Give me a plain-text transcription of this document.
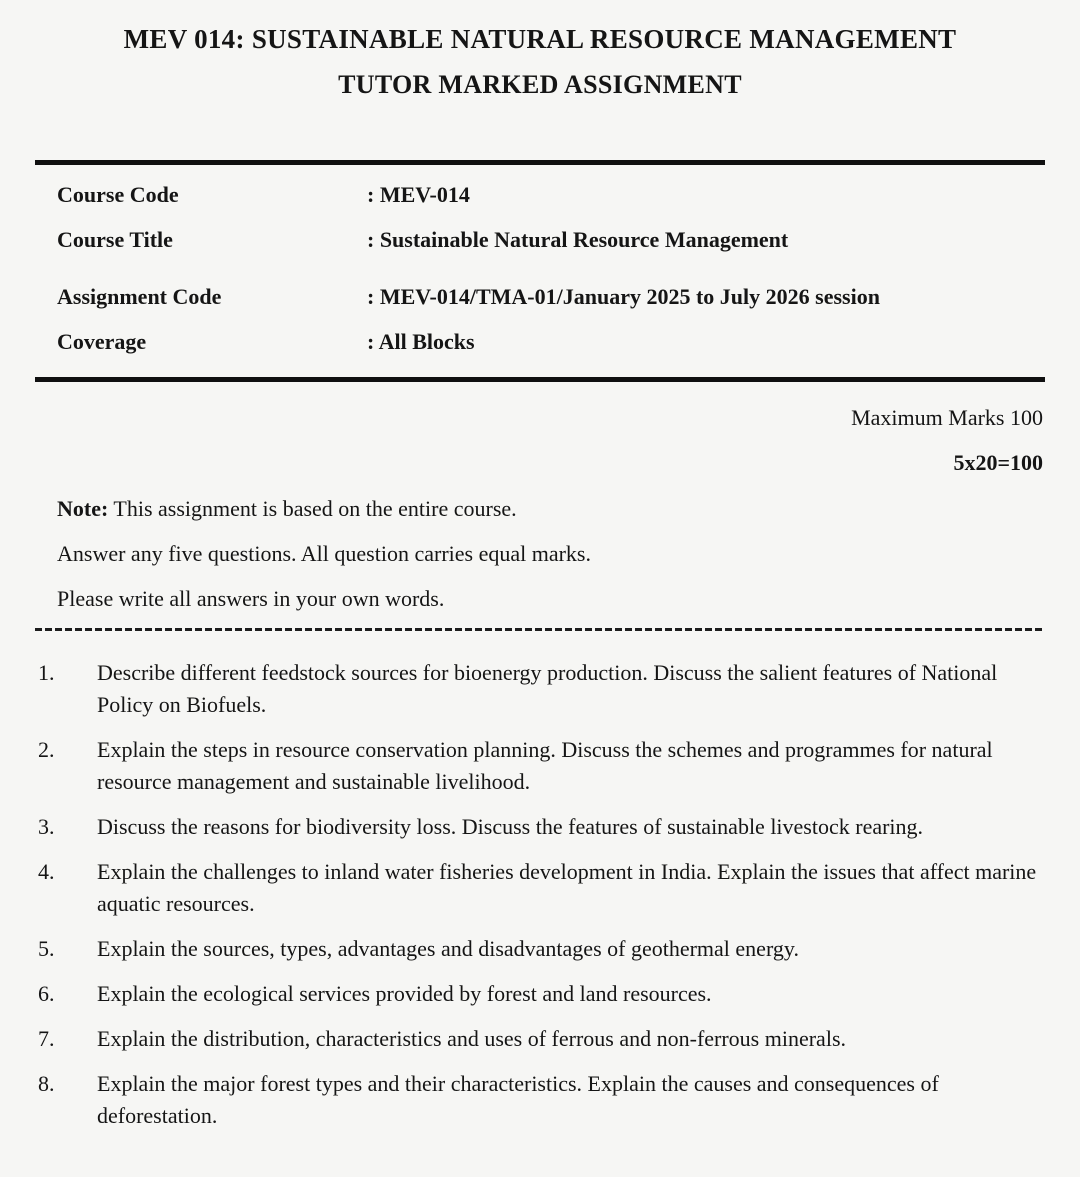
MEV 014: SUSTAINABLE NATURAL RESOURCE MANAGEMENT
TUTOR MARKED ASSIGNMENT
Course Code	: MEV-014
Course Title	: Sustainable Natural Resource Management
Assignment Code	: MEV-014/TMA-01/January 2025 to July 2026 session
Coverage	: All Blocks
Maximum Marks 100
5x20=100

Note: This assignment is based on the entire course.

Answer any five questions. All question carries equal marks.

Please write all answers in your own words.

1.	Describe different feedstock sources for bioenergy production. Discuss the salient features of National Policy on Biofuels.
2.	Explain the steps in resource conservation planning. Discuss the schemes and programmes for natural resource management and sustainable livelihood.
3.	Discuss the reasons for biodiversity loss. Discuss the features of sustainable livestock rearing.
4.	Explain the challenges to inland water fisheries development in India. Explain the issues that affect marine aquatic resources.
5.	Explain the sources, types, advantages and disadvantages of geothermal energy.
6.	Explain the ecological services provided by forest and land resources.
7.	Explain the distribution, characteristics and uses of ferrous and non-ferrous minerals.
8.	Explain the major forest types and their characteristics. Explain the causes and consequences of deforestation.
